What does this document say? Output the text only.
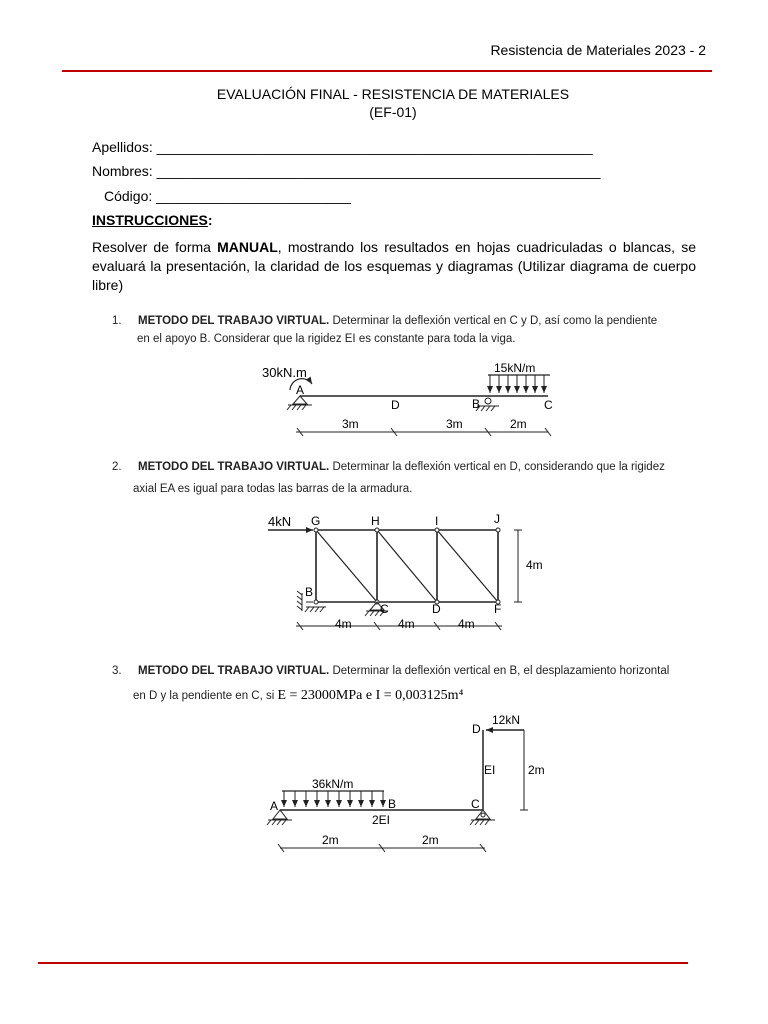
Resistencia de Materiales 2023 - 2
EVALUACIÓN FINAL - RESISTENCIA DE MATERIALES
(EF-01)
Apellidos: ________________________________________________________
Nombres: _________________________________________________________
Código: _________________________
INSTRUCCIONES:
Resolver de forma MANUAL, mostrando los resultados en hojas cuadriculadas o blancas, se evaluará la presentación, la claridad de los esquemas y diagramas (Utilizar diagrama de cuerpo libre)
1. METODO DEL TRABAJO VIRTUAL. Determinar la deflexión vertical en C y D, así como la pendiente
en el apoyo B. Considerar que la rigidez EI es constante para toda la viga.
30kN.m	15kN/m
A
D	B	C
3m	3m	2m
4kN G	H	I	J
B
C	D	F
4m
4m	4m	4m
12kN
D
EI	2m
36kN/m
A	B	C
2EI
2m	2m
2. METODO DEL TRABAJO VIRTUAL. Determinar la deflexión vertical en D, considerando que la rigidez
axial EA es igual para todas las barras de la armadura.
3. METODO DEL TRABAJO VIRTUAL. Determinar la deflexión vertical en B, el desplazamiento horizontal
en D y la pendiente en C, si E = 23000MPa e I = 0,003125m⁴
